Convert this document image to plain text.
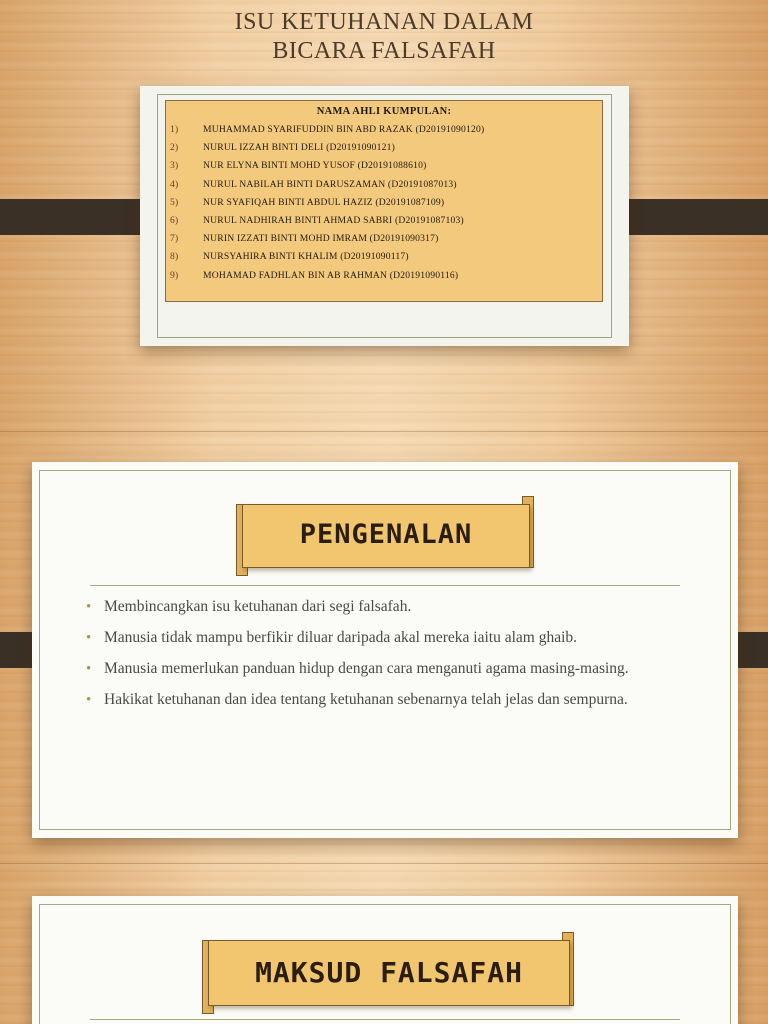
ISU KETUHANAN DALAM
BICARA FALSAFAH
NAMA AHLI KUMPULAN:
1)	MUHAMMAD SYARIFUDDIN BIN ABD RAZAK (D20191090120)
2)	NURUL IZZAH BINTI DELI (D20191090121)
3)	NUR ELYNA BINTI MOHD YUSOF (D20191088610)
4)	NURUL NABILAH BINTI DARUSZAMAN (D20191087013)
5)	NUR SYAFIQAH BINTI ABDUL HAZIZ (D20191087109)
6)	NURUL NADHIRAH BINTI AHMAD SABRI (D20191087103)
7)	NURIN IZZATI BINTI MOHD IMRAM (D20191090317)
8)	NURSYAHIRA BINTI KHALIM (D20191090117)
9)	MOHAMAD FADHLAN BIN AB RAHMAN (D20191090116)
PENGENALAN
• Membincangkan isu ketuhanan dari segi falsafah.
• Manusia tidak mampu berfikir diluar daripada akal mereka iaitu alam ghaib.
• Manusia memerlukan panduan hidup dengan cara menganuti agama masing-masing.
• Hakikat ketuhanan dan idea tentang ketuhanan sebenarnya telah jelas dan sempurna.
MAKSUD FALSAFAH
